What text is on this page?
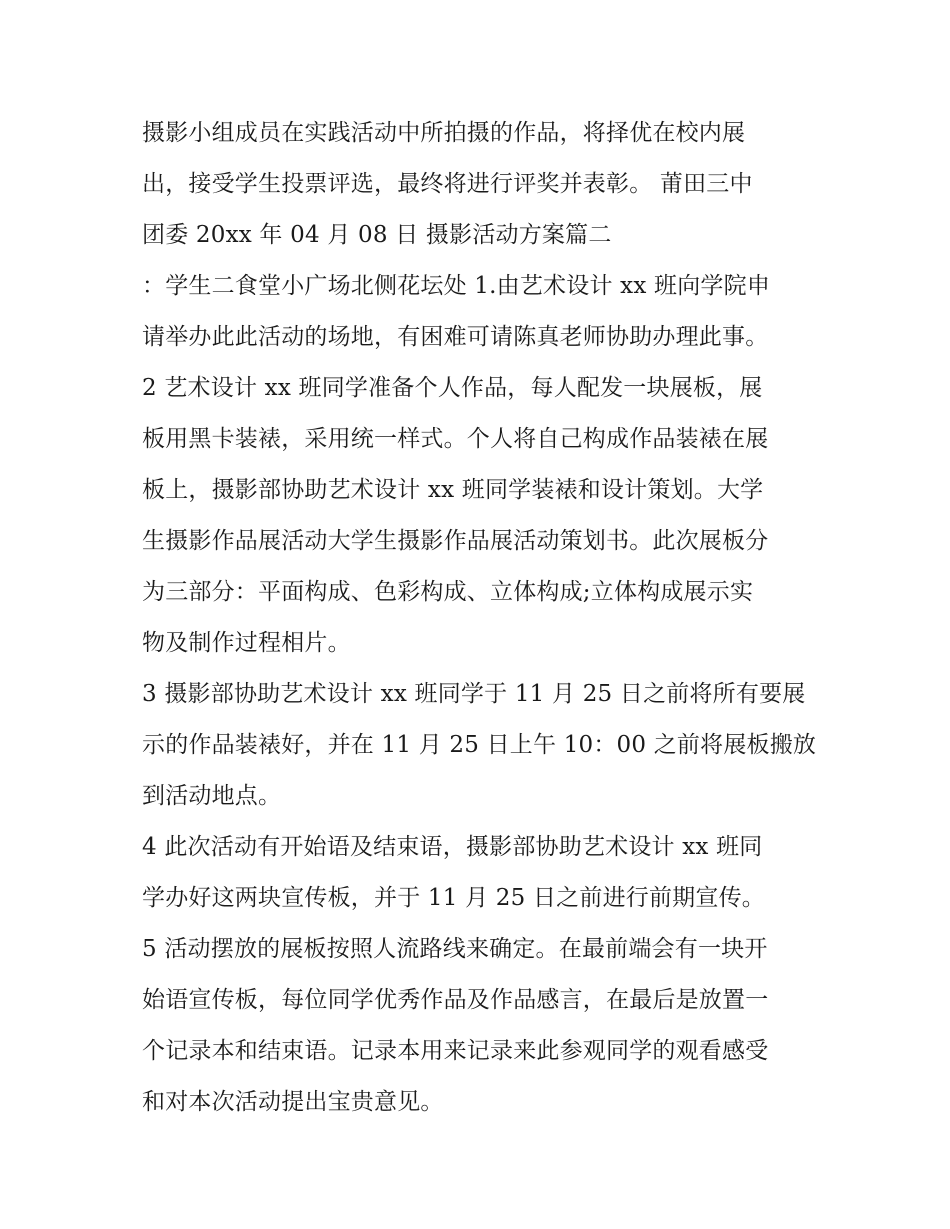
摄影小组成员在实践活动中所拍摄的作品，将择优在校内展
出，接受学生投票评选，最终将进行评奖并表彰。 莆田三中
团委 20xx 年 04 月 08 日 摄影活动方案篇二
：学生二食堂小广场北侧花坛处 1.由艺术设计 xx 班向学院申
请举办此此活动的场地，有困难可请陈真老师协助办理此事。
2 艺术设计 xx 班同学准备个人作品，每人配发一块展板，展
板用黑卡装裱，采用统一样式。个人将自己构成作品装裱在展
板上，摄影部协助艺术设计 xx 班同学装裱和设计策划。大学
生摄影作品展活动大学生摄影作品展活动策划书。此次展板分
为三部分：平面构成、色彩构成、立体构成;立体构成展示实
物及制作过程相片。
3 摄影部协助艺术设计 xx 班同学于 11 月 25 日之前将所有要展
示的作品装裱好，并在 11 月 25 日上午 10：00 之前将展板搬放
到活动地点。
4 此次活动有开始语及结束语，摄影部协助艺术设计 xx 班同
学办好这两块宣传板，并于 11 月 25 日之前进行前期宣传。
5 活动摆放的展板按照人流路线来确定。在最前端会有一块开
始语宣传板，每位同学优秀作品及作品感言，在最后是放置一
个记录本和结束语。记录本用来记录来此参观同学的观看感受
和对本次活动提出宝贵意见。
